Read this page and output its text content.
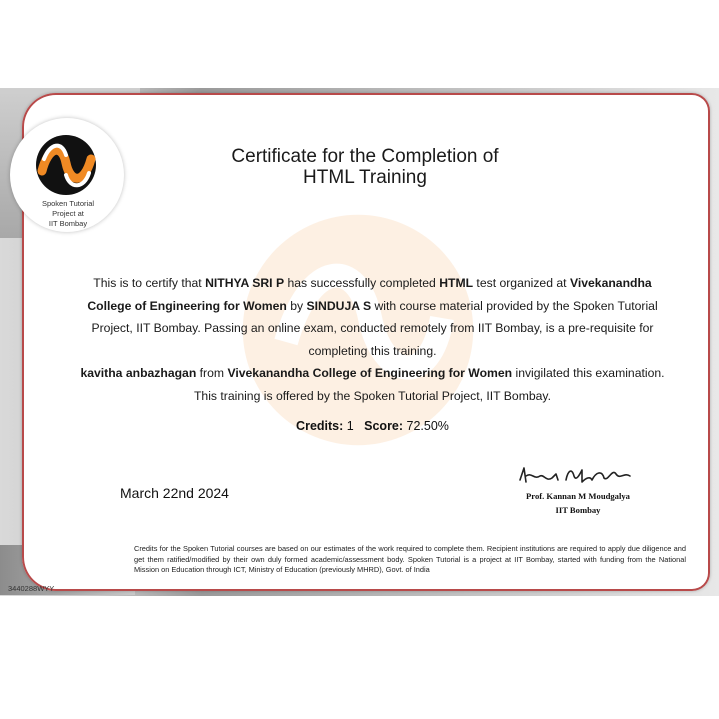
Spoken Tutorial
Project at
IIT Bombay
Certificate for the Completion of
HTML Training
This is to certify that NITHYA SRI P has successfully completed HTML test organized at Vivekanandha College of Engineering for Women by SINDUJA S with course material provided by the Spoken Tutorial Project, IIT Bombay. Passing an online exam, conducted remotely from IIT Bombay, is a pre-requisite for completing this training.
kavitha anbazhagan from Vivekanandha College of Engineering for Women invigilated this examination. This training is offered by the Spoken Tutorial Project, IIT Bombay.
Credits: 1 Score: 72.50%
March 22nd 2024	Prof. Kannan M Moudgalya
IIT Bombay
Credits for the Spoken Tutorial courses are based on our estimates of the work required to complete them. Recipient institutions are required to apply due diligence and get them ratified/modified by their own duly formed academic/assessment body. Spoken Tutorial is a project at IIT Bombay, started with funding from the National Mission on Education through ICT, Ministry of Education (previously MHRD), Govt. of India
3440288WYY
